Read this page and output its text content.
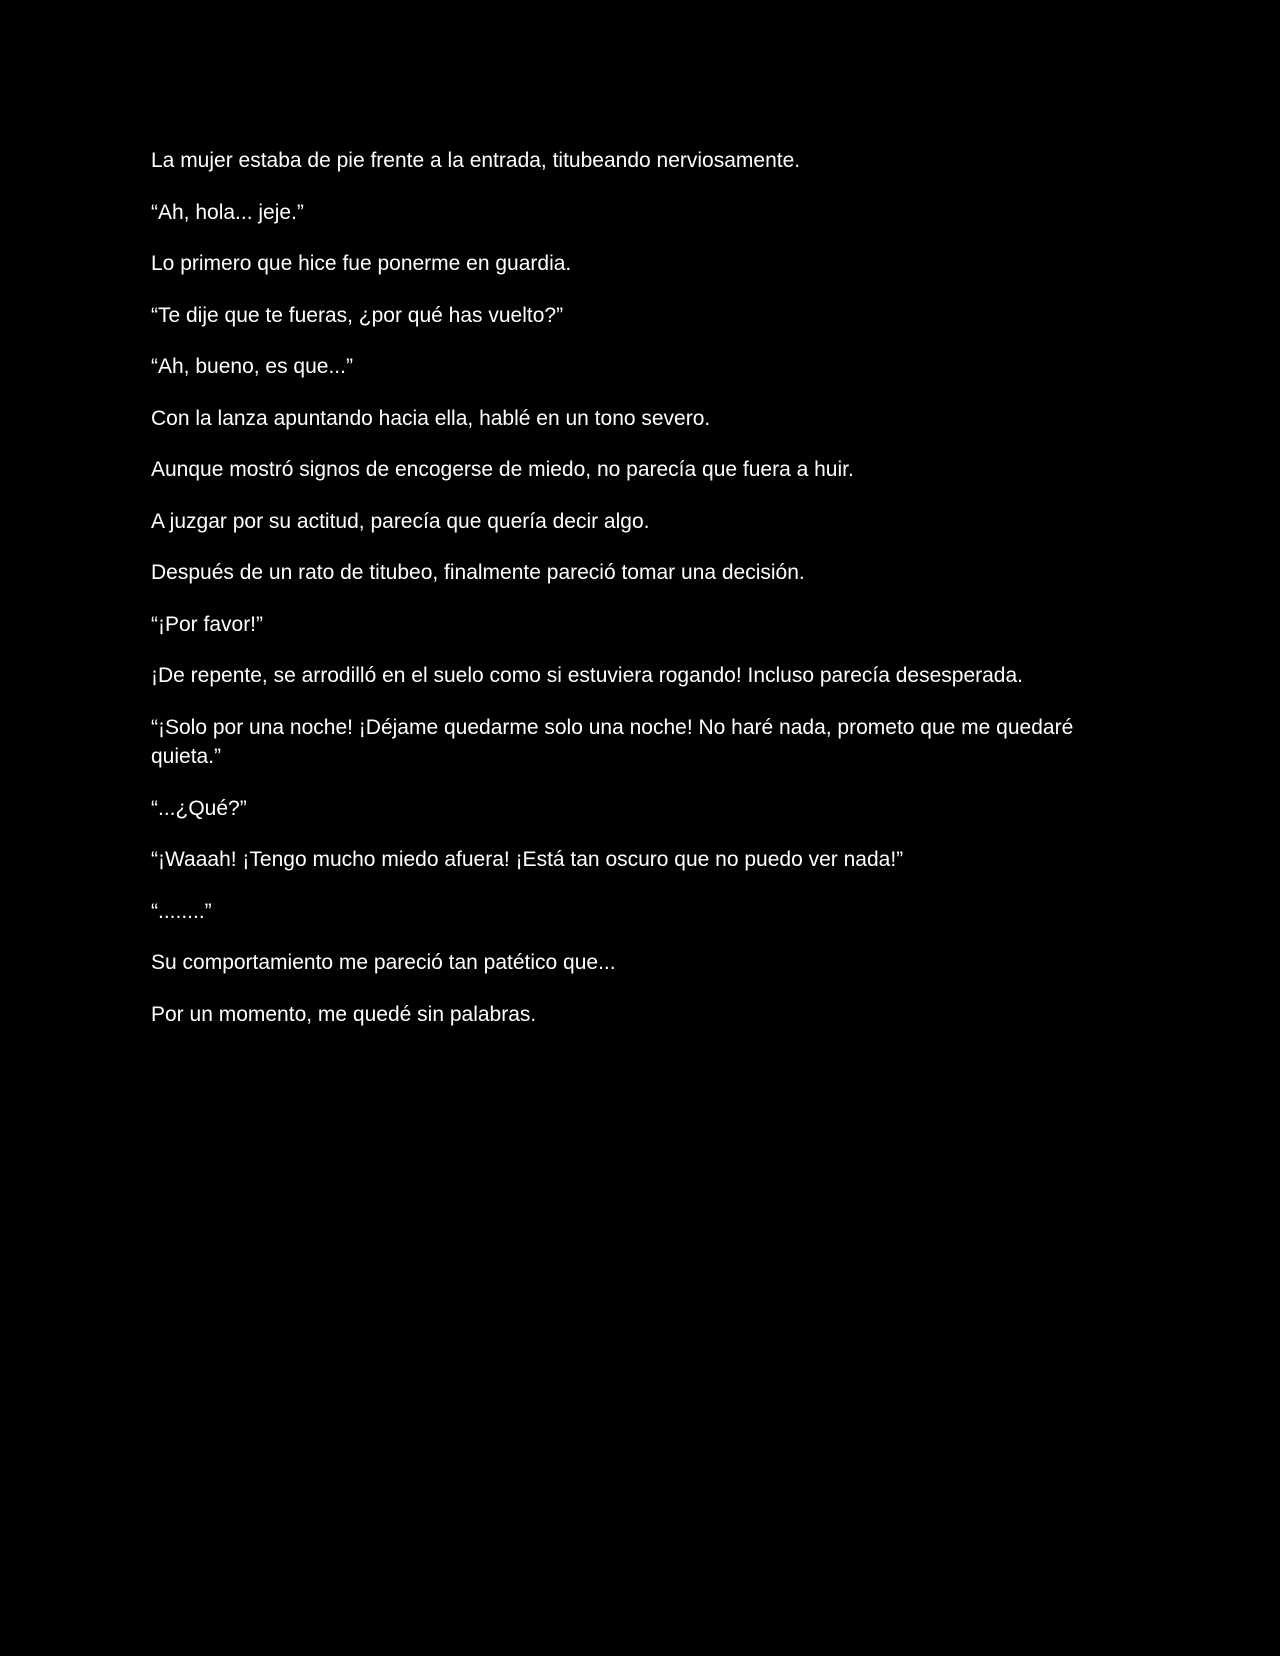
La mujer estaba de pie frente a la entrada, titubeando nerviosamente.

“Ah, hola... jeje.”

Lo primero que hice fue ponerme en guardia.

“Te dije que te fueras, ¿por qué has vuelto?”

“Ah, bueno, es que...”

Con la lanza apuntando hacia ella, hablé en un tono severo.

Aunque mostró signos de encogerse de miedo, no parecía que fuera a huir.

A juzgar por su actitud, parecía que quería decir algo.

Después de un rato de titubeo, finalmente pareció tomar una decisión.

“¡Por favor!”

¡De repente, se arrodilló en el suelo como si estuviera rogando! Incluso parecía desesperada.

“¡Solo por una noche! ¡Déjame quedarme solo una noche! No haré nada, prometo que me quedaré quieta.”

“...¿Qué?”

“¡Waaah! ¡Tengo mucho miedo afuera! ¡Está tan oscuro que no puedo ver nada!”

“........”

Su comportamiento me pareció tan patético que...

Por un momento, me quedé sin palabras.
